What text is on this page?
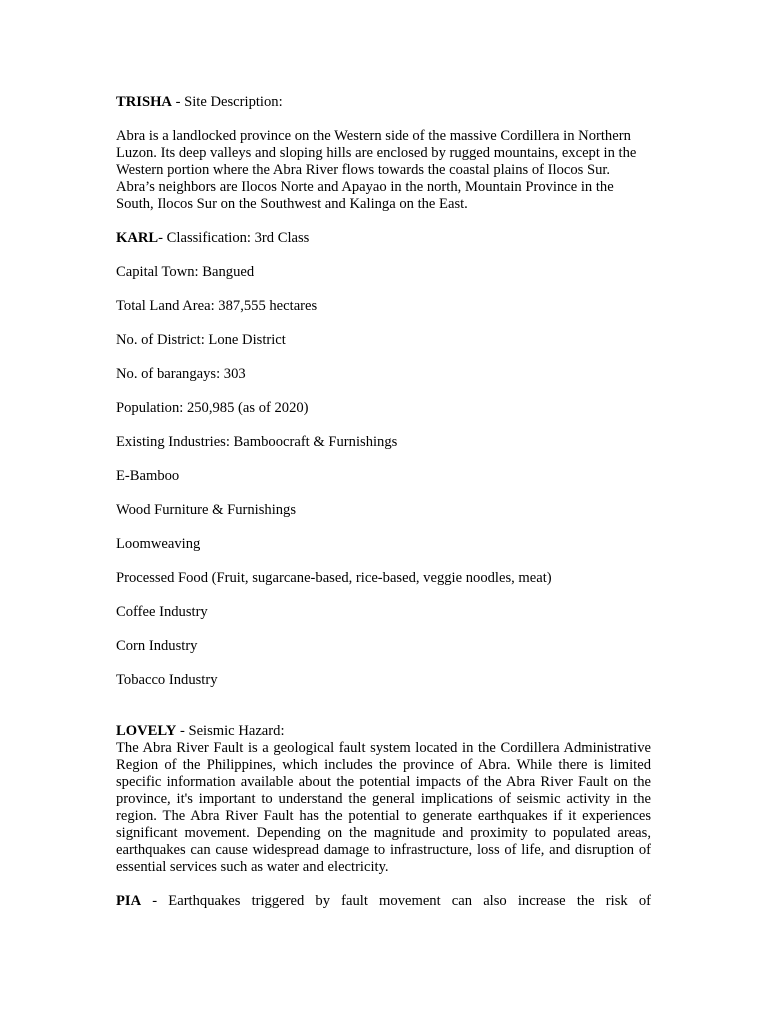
TRISHA - Site Description:

Abra is a landlocked province on the Western side of the massive Cordillera in Northern Luzon. Its deep valleys and sloping hills are enclosed by rugged mountains, except in the Western portion where the Abra River flows towards the coastal plains of Ilocos Sur. Abra’s neighbors are Ilocos Norte and Apayao in the north, Mountain Province in the South, Ilocos Sur on the Southwest and Kalinga on the East.

KARL- Classification: 3rd Class

Capital Town: Bangued

Total Land Area: 387,555 hectares

No. of District: Lone District

No. of barangays: 303

Population: 250,985 (as of 2020)

Existing Industries: Bamboocraft & Furnishings

E-Bamboo

Wood Furniture & Furnishings

Loomweaving

Processed Food (Fruit, sugarcane-based, rice-based, veggie noodles, meat)

Coffee Industry

Corn Industry

Tobacco Industry

LOVELY - Seismic Hazard:

The Abra River Fault is a geological fault system located in the Cordillera Administrative Region of the Philippines, which includes the province of Abra. While there is limited specific information available about the potential impacts of the Abra River Fault on the province, it's important to understand the general implications of seismic activity in the region. The Abra River Fault has the potential to generate earthquakes if it experiences significant movement. Depending on the magnitude and proximity to populated areas, earthquakes can cause widespread damage to infrastructure, loss of life, and disruption of essential services such as water and electricity.

PIA - Earthquakes triggered by fault movement can also increase the risk of
